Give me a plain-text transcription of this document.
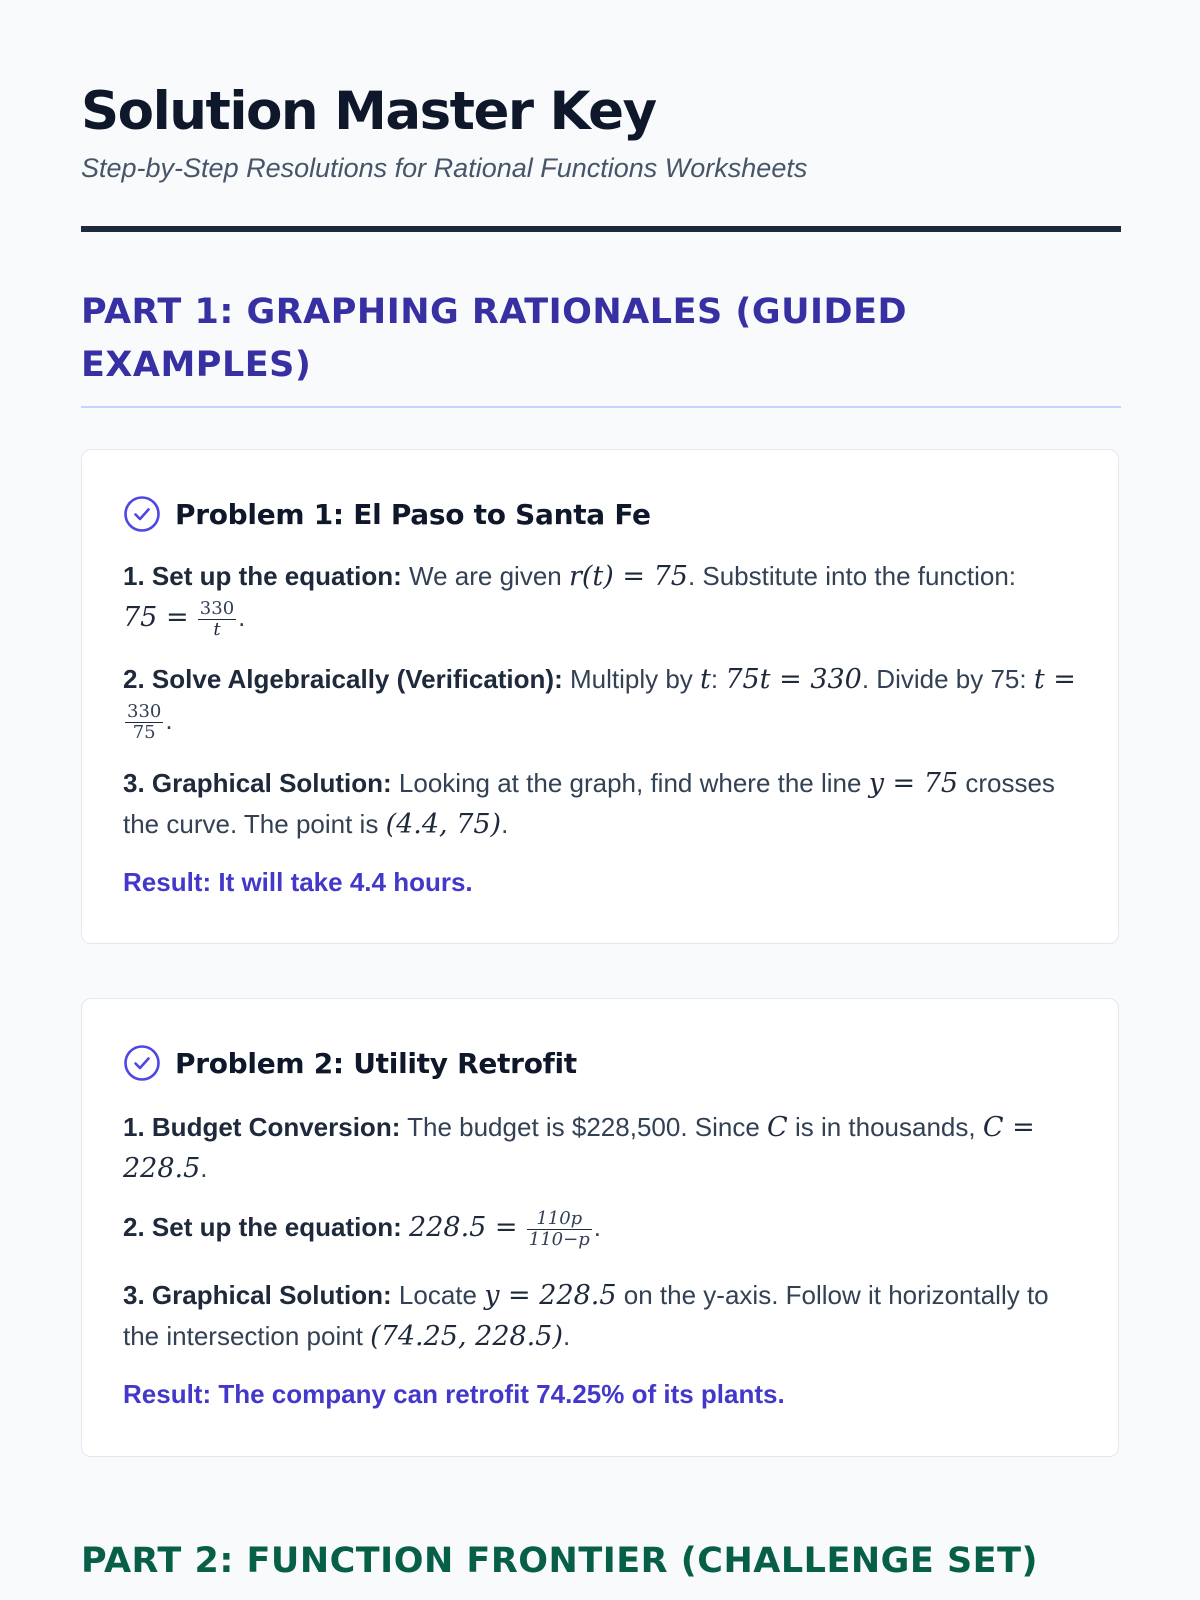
Solution Master Key

Step-by-Step Resolutions for Rational Functions Worksheets

PART 1: GRAPHING RATIONALES (GUIDED EXAMPLES)
Problem 1: El Paso to Santa Fe

1. Set up the equation: We are given r(t) = 75. Substitute into the function:
$75 = \frac{330}{t}$ .

2. Solve Algebraically (Verification): Multiply by t: 75t = 330. Divide by 75: t =
$\frac{330}{75}$ .

3. Graphical Solution: Looking at the graph, find where the line y = 75 crosses the curve. The point is (4.4, 75).

Result: It will take 4.4 hours.

Problem 2: Utility Retrofit

1. Budget Conversion: The budget is $228,500. Since C is in thousands, C = 228.5.

2. Set up the equation: $228.5 = \frac{110p}{110-p}$ .

3. Graphical Solution: Locate y = 228.5 on the y-axis. Follow it horizontally to the intersection point (74.25, 228.5).

Result: The company can retrofit 74.25% of its plants.

PART 2: FUNCTION FRONTIER (CHALLENGE SET)
